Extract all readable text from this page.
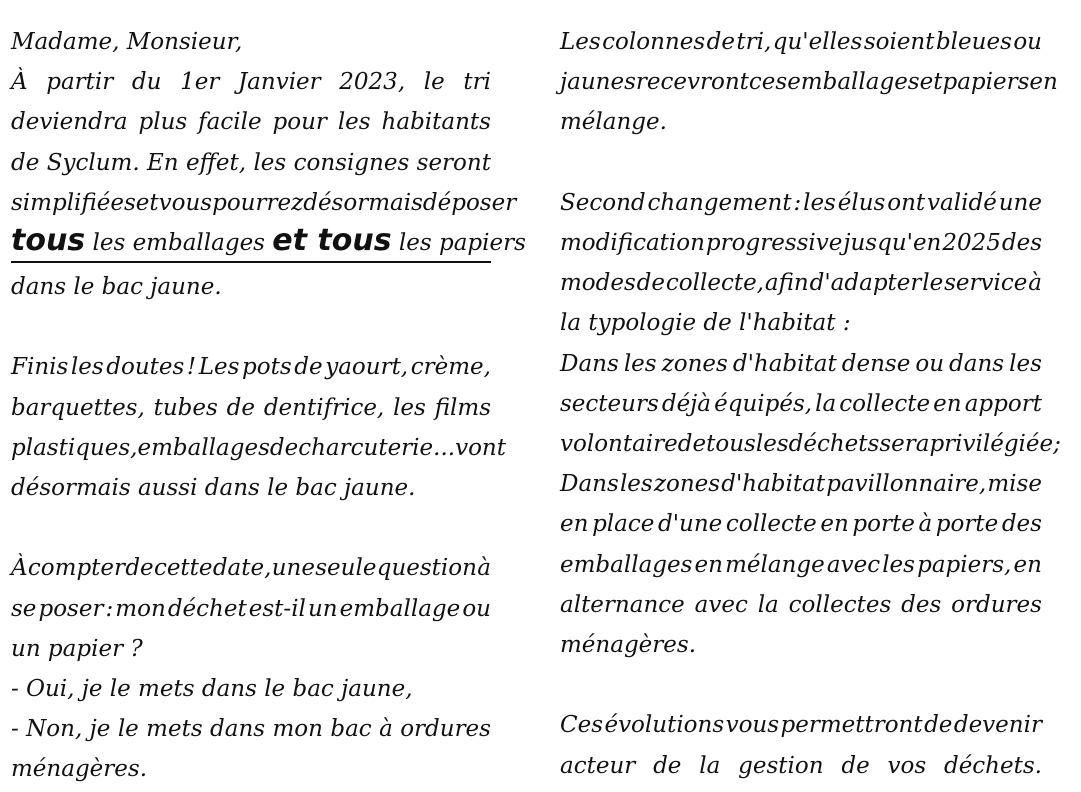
Madame, Monsieur,
À partir du 1er Janvier 2023, le tri
deviendra plus facile pour les habitants
de Syclum. En effet, les consignes seront
simplifiées et vous pourrez désormais déposer
tous les emballages et tous les papiers
dans le bac jaune.
Finis les doutes ! Les pots de yaourt, crème,
barquettes, tubes de dentifrice, les films
plastiques, emballages de charcuterie ... vont
désormais aussi dans le bac jaune.
À compter de cette date, une seule question à
se poser : mon déchet est-il un emballage ou
un papier ?
- Oui, je le mets dans le bac jaune,
- Non, je le mets dans mon bac à ordures
ménagères.
Les colonnes de tri, qu'elles soient bleues ou
jaunes recevront ces emballages et papiers en
mélange.
Second changement : les élus ont validé une
modification progressive jusqu'en 2025 des
modes de collecte, afin d'adapter le service à
la typologie de l'habitat :
Dans les zones d'habitat dense ou dans les
secteurs déjà équipés, la collecte en apport
volontaire de tous les déchets sera privilégiée ;
Dans les zones d'habitat pavillonnaire, mise
en place d'une collecte en porte à porte des
emballages en mélange avec les papiers, en
alternance avec la collectes des ordures
ménagères.
Ces évolutions vous permettront de devenir
acteur de la gestion de vos déchets.
